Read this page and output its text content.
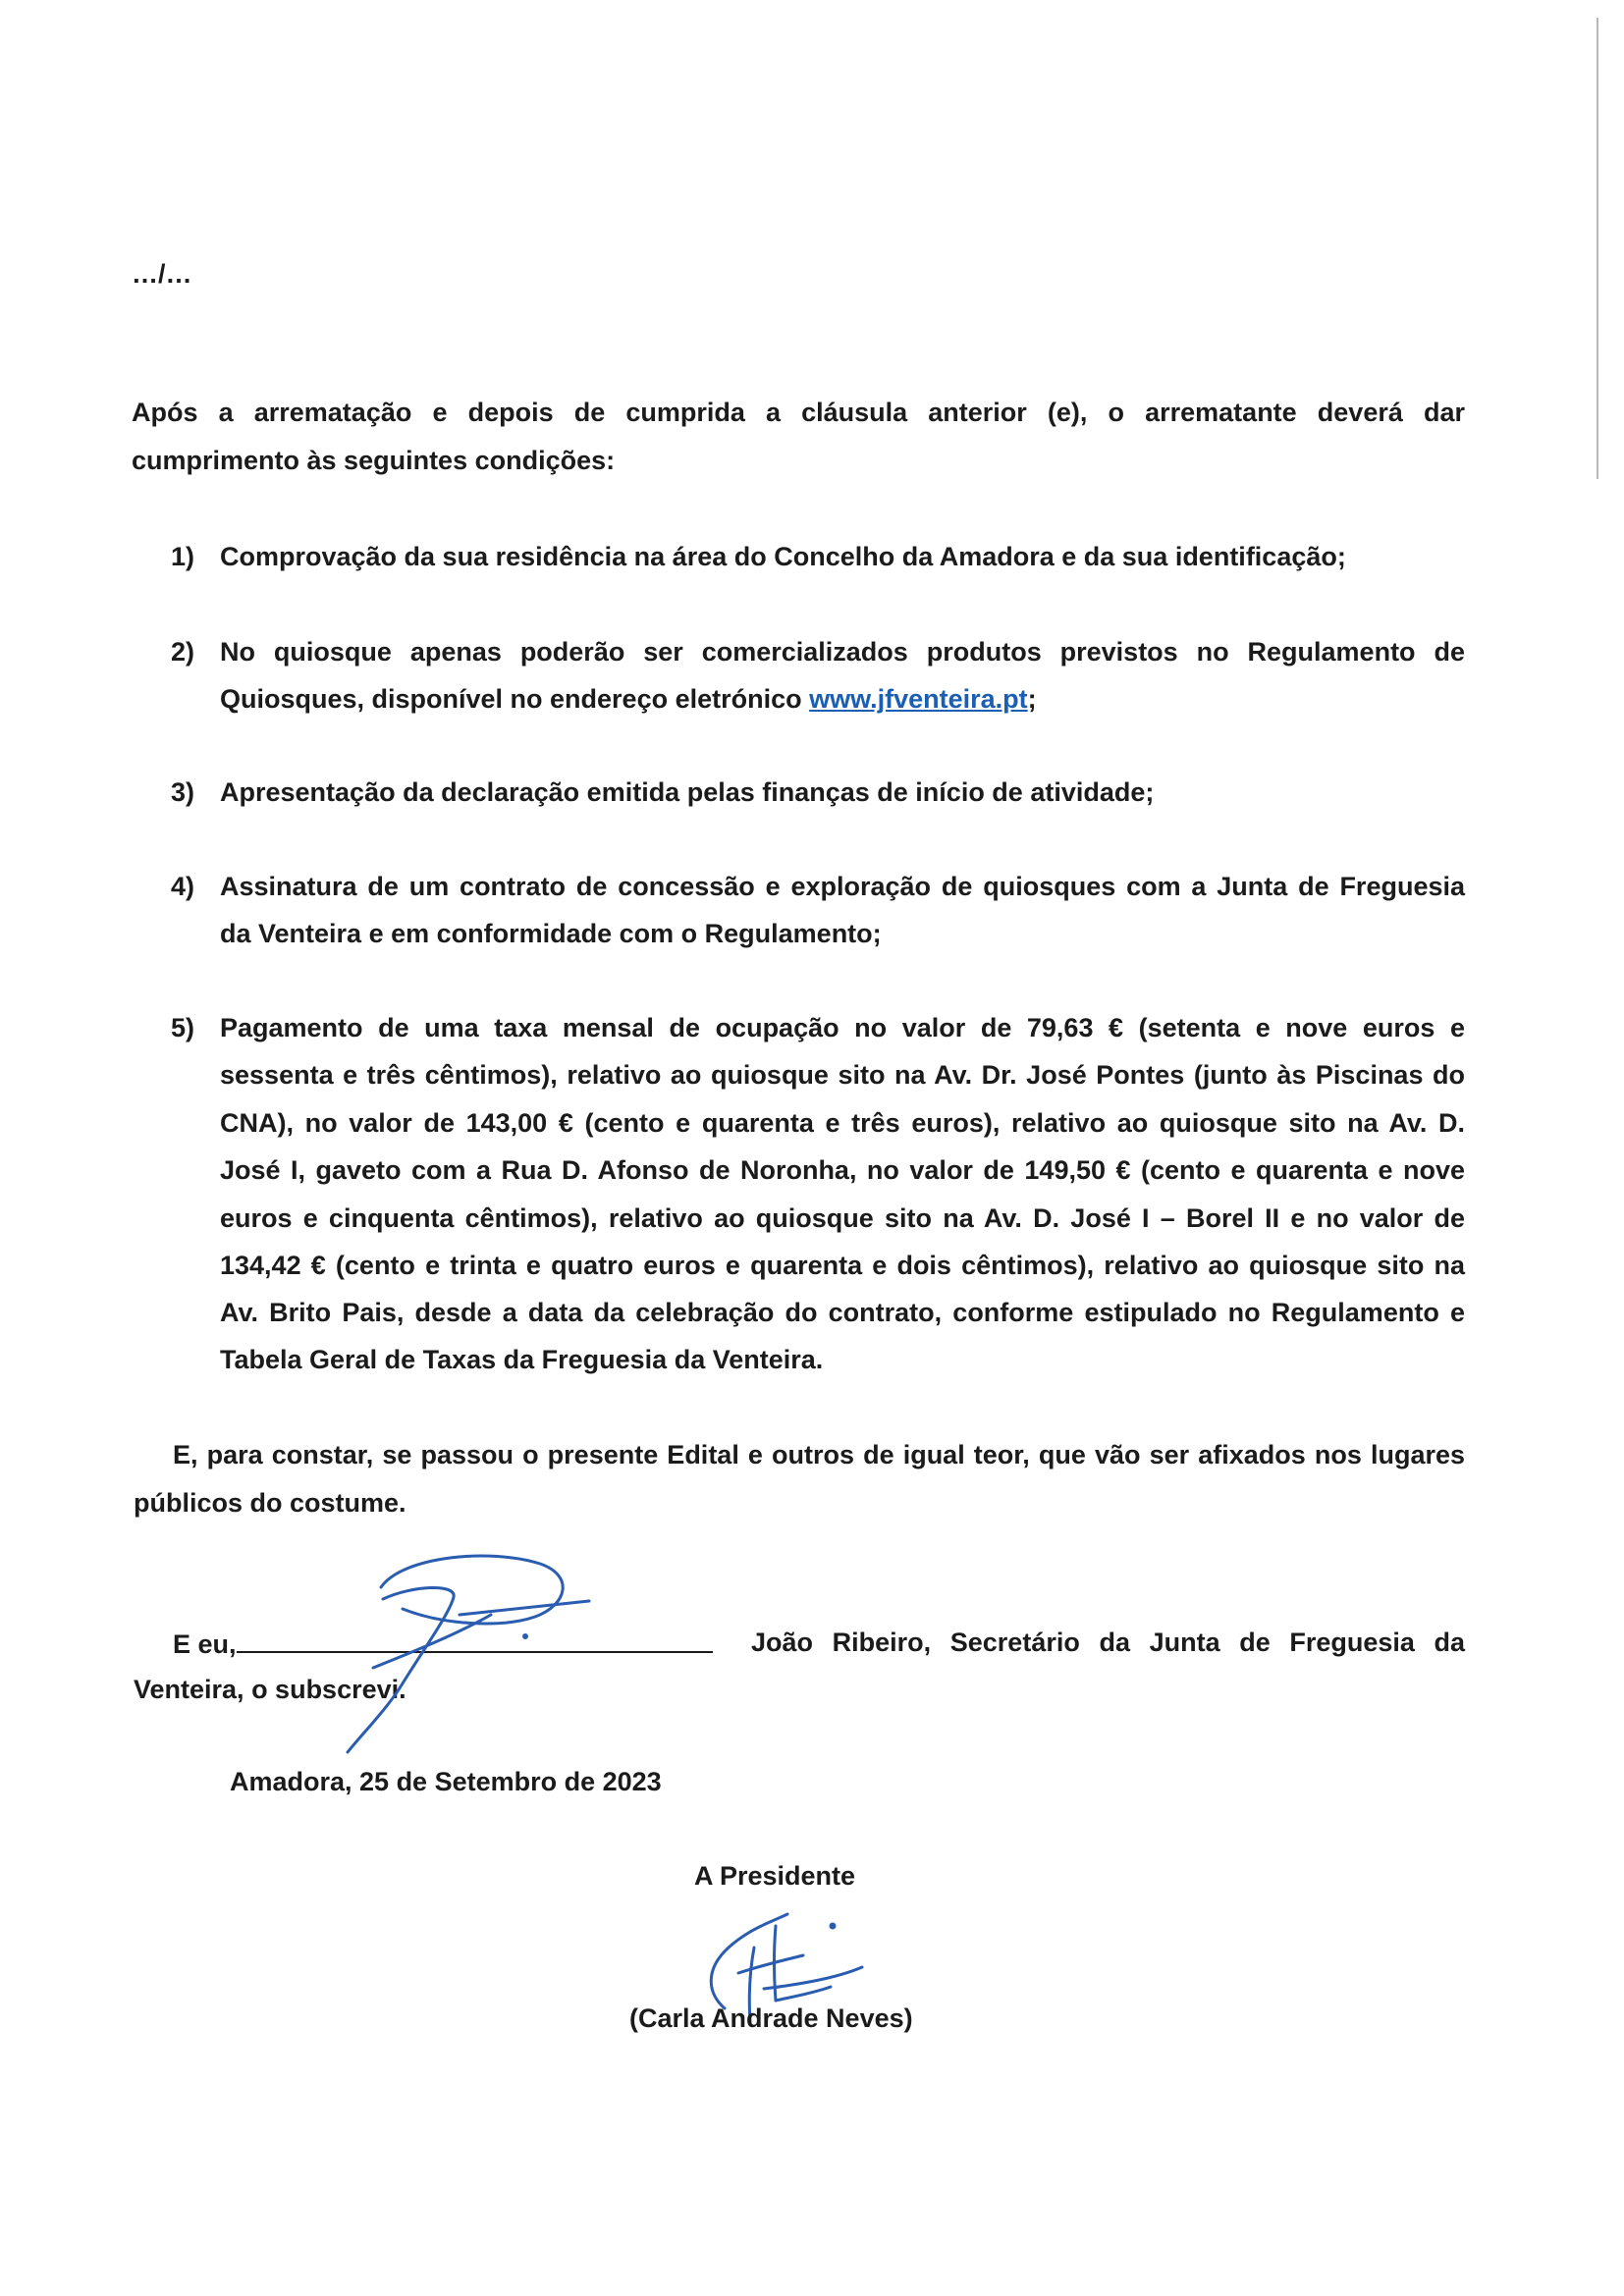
…/…
Após a arrematação e depois de cumprida a cláusula anterior (e), o arrematante deverá dar
cumprimento às seguintes condições:
1) Comprovação da sua residência na área do Concelho da Amadora e da sua identificação;
2) No quiosque apenas poderão ser comercializados produtos previstos no Regulamento de
Quiosques, disponível no endereço eletrónico www.jfventeira.pt;
3) Apresentação da declaração emitida pelas finanças de início de atividade;
4) Assinatura de um contrato de concessão e exploração de quiosques com a Junta de Freguesia
da Venteira e em conformidade com o Regulamento;
5) Pagamento de uma taxa mensal de ocupação no valor de 79,63 € (setenta e nove euros e
sessenta e três cêntimos), relativo ao quiosque sito na Av. Dr. José Pontes (junto às Piscinas do
CNA), no valor de 143,00 € (cento e quarenta e três euros), relativo ao quiosque sito na Av. D.
José I, gaveto com a Rua D. Afonso de Noronha, no valor de 149,50 € (cento e quarenta e nove
euros e cinquenta cêntimos), relativo ao quiosque sito na Av. D. José I – Borel II e no valor de
134,42 € (cento e trinta e quatro euros e quarenta e dois cêntimos), relativo ao quiosque sito na
Av. Brito Pais, desde a data da celebração do contrato, conforme estipulado no Regulamento e
Tabela Geral de Taxas da Freguesia da Venteira.
E, para constar, se passou o presente Edital e outros de igual teor, que vão ser afixados nos lugares
públicos do costume.
E eu,	João Ribeiro, Secretário da Junta de Freguesia da
Venteira, o subscrevi.
Amadora, 25 de Setembro de 2023
A Presidente
(Carla Andrade Neves)
